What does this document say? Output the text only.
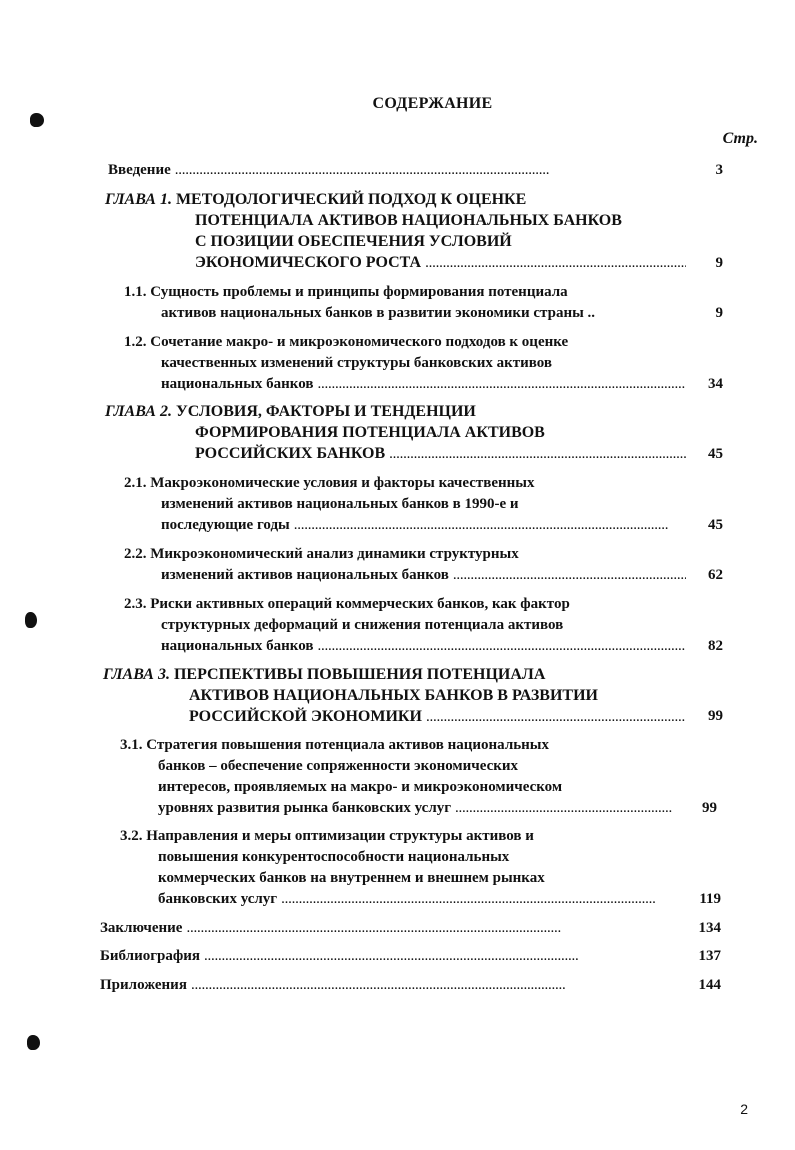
СОДЕРЖАНИЕ
Стр.
Введение . . .	3
ГЛАВА 1. МЕТОДОЛОГИЧЕСКИЙ ПОДХОД К ОЦЕНКЕ
ПОТЕНЦИАЛА АКТИВОВ НАЦИОНАЛЬНЫХ БАНКОВ
С ПОЗИЦИИ ОБЕСПЕЧЕНИЯ УСЛОВИЙ
ЭКОНОМИЧЕСКОГО РОСТА . . .	9
1.1. Сущность проблемы и принципы формирования потенциала
активов национальных банков в развитии экономики страны ..	9
1.2. Сочетание макро- и микроэкономического подходов к оценке
качественных изменений структуры банковских активов
национальных банков . . .	34
ГЛАВА 2. УСЛОВИЯ, ФАКТОРЫ И ТЕНДЕНЦИИ
ФОРМИРОВАНИЯ ПОТЕНЦИАЛА АКТИВОВ
РОССИЙСКИХ БАНКОВ . . .	45
2.1. Макроэкономические условия и факторы качественных
изменений активов национальных банков в 1990-е и
последующие годы . . .	45
2.2. Микроэкономический анализ динамики структурных
изменений активов национальных банков . . .	62
2.3. Риски активных операций коммерческих банков, как фактор
структурных деформаций и снижения потенциала активов
национальных банков . . .	82
ГЛАВА 3. ПЕРСПЕКТИВЫ ПОВЫШЕНИЯ ПОТЕНЦИАЛА
АКТИВОВ НАЦИОНАЛЬНЫХ БАНКОВ В РАЗВИТИИ
РОССИЙСКОЙ ЭКОНОМИКИ . . .	99
3.1. Стратегия повышения потенциала активов национальных
банков – обеспечение сопряженности экономических
интересов, проявляемых на макро- и микроэкономическом
уровнях развития рынка банковских услуг . . .	99
3.2. Направления и меры оптимизации структуры активов и
повышения конкурентоспособности национальных
коммерческих банков на внутреннем и внешнем рынках
банковских услуг . . .	119
Заключение . . .	134
Библиография . . .	137
Приложения . . .	144
2
